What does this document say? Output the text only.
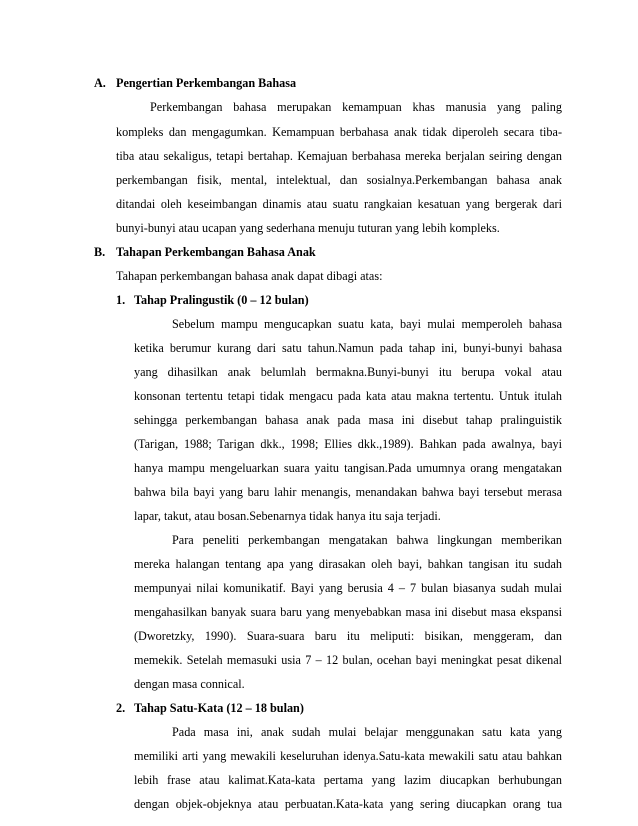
A. Pengertian Perkembangan Bahasa
Perkembangan bahasa merupakan kemampuan khas manusia yang paling
kompleks dan mengagumkan. Kemampuan berbahasa anak tidak diperoleh secara tiba-
tiba atau sekaligus, tetapi bertahap. Kemajuan berbahasa mereka berjalan seiring dengan
perkembangan fisik, mental, intelektual, dan sosialnya.Perkembangan bahasa anak
ditandai oleh keseimbangan dinamis atau suatu rangkaian kesatuan yang bergerak dari
bunyi-bunyi atau ucapan yang sederhana menuju tuturan yang lebih kompleks.
B. Tahapan Perkembangan Bahasa Anak
Tahapan perkembangan bahasa anak dapat dibagi atas:
1. Tahap Pralingustik (0 – 12 bulan)
Sebelum mampu mengucapkan suatu kata, bayi mulai memperoleh bahasa
ketika berumur kurang dari satu tahun.Namun pada tahap ini, bunyi-bunyi bahasa
yang dihasilkan anak belumlah bermakna.Bunyi-bunyi itu berupa vokal atau
konsonan tertentu tetapi tidak mengacu pada kata atau makna tertentu. Untuk itulah
sehingga perkembangan bahasa anak pada masa ini disebut tahap pralinguistik
(Tarigan, 1988; Tarigan dkk., 1998; Ellies dkk.,1989). Bahkan pada awalnya, bayi
hanya mampu mengeluarkan suara yaitu tangisan.Pada umumnya orang mengatakan
bahwa bila bayi yang baru lahir menangis, menandakan bahwa bayi tersebut merasa
lapar, takut, atau bosan.Sebenarnya tidak hanya itu saja terjadi.
Para peneliti perkembangan mengatakan bahwa lingkungan memberikan
mereka halangan tentang apa yang dirasakan oleh bayi, bahkan tangisan itu sudah
mempunyai nilai komunikatif. Bayi yang berusia 4 – 7 bulan biasanya sudah mulai
mengahasilkan banyak suara baru yang menyebabkan masa ini disebut masa ekspansi
(Dworetzky, 1990). Suara-suara baru itu meliputi: bisikan, menggeram, dan
memekik. Setelah memasuki usia 7 – 12 bulan, ocehan bayi meningkat pesat dikenal
dengan masa connical.
2. Tahap Satu-Kata (12 – 18 bulan)
Pada masa ini, anak sudah mulai belajar menggunakan satu kata yang
memiliki arti yang mewakili keseluruhan idenya.Satu-kata mewakili satu atau bahkan
lebih frase atau kalimat.Kata-kata pertama yang lazim diucapkan berhubungan
dengan objek-objeknya atau perbuatan.Kata-kata yang sering diucapkan orang tua
